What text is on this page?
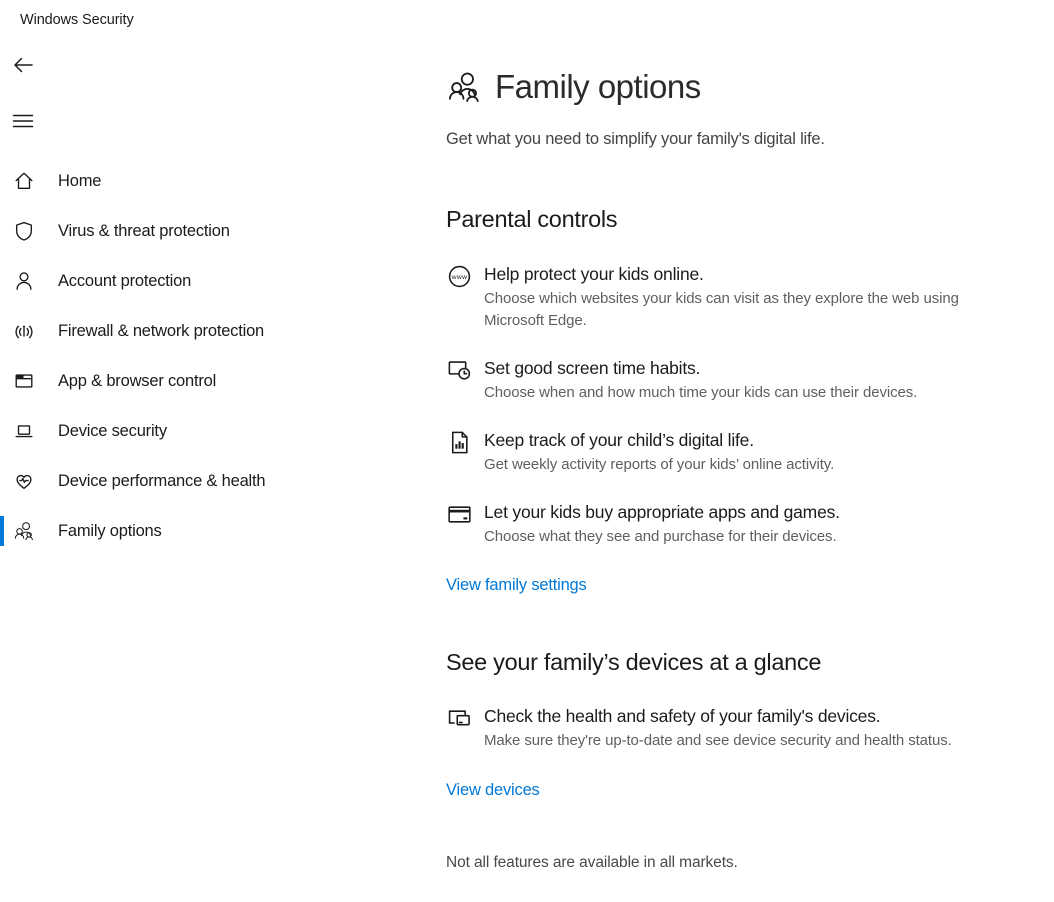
Windows Security
Home
Virus & threat protection
Account protection
Firewall & network protection
App & browser control
Device security
Device performance & health
Family options
Family options

Get what you need to simplify your family's digital life.

Parental controls
www Help protect your kids online.
Choose which websites your kids can visit as they explore the web using Microsoft Edge.
Set good screen time habits.
Choose when and how much time your kids can use their devices.
Keep track of your child’s digital life.
Get weekly activity reports of your kids’ online activity.
Let your kids buy appropriate apps and games.
Choose what they see and purchase for their devices.
View family settings
See your family’s devices at a glance
Check the health and safety of your family's devices.
Make sure they're up-to-date and see device security and health status.
View devices

Not all features are available in all markets.
